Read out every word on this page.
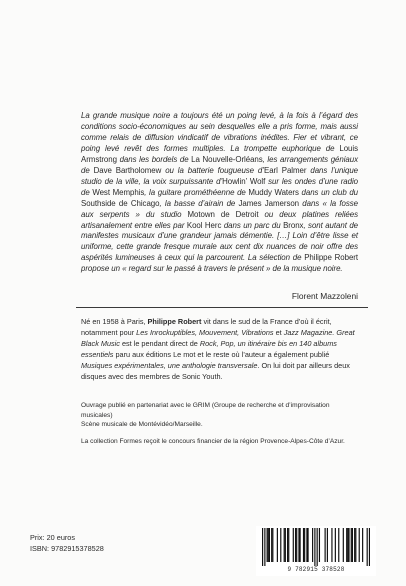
La grande musique noire a toujours été un poing levé, à la fois à l’égard des conditions socio-économiques au sein desquelles elle a pris forme, mais aussi comme relais de diffusion vindicatif de vibrations inédites. Fier et vibrant, ce poing levé revêt des formes multiples. La trompette euphorique de Louis Armstrong dans les bordels de La Nouvelle-Orléans, les arrangements géniaux de Dave Bartholomew ou la batterie fougueuse d’Earl Palmer dans l’unique studio de la ville, la voix surpuissante d’Howlin’ Wolf sur les ondes d’une radio de West Memphis, la guitare prométhéenne de Muddy Waters dans un club du Southside de Chicago, la basse d’airain de James Jamerson dans « la fosse aux serpents » du studio Motown de Detroit ou deux platines reliées artisanalement entre elles par Kool Herc dans un parc du Bronx, sont autant de manifestes musicaux d’une grandeur jamais démentie. […] Loin d’être lisse et uniforme, cette grande fresque murale aux cent dix nuances de noir offre des aspérités lumineuses à ceux qui la parcourent. La sélection de Philippe Robert propose un « regard sur le passé à travers le présent » de la musique noire.

Florent Mazzoleni

Né en 1958 à Paris, Philippe Robert vit dans le sud de la France d’où il écrit, notamment pour Les Inrockuptibles, Mouvement, Vibrations et Jazz Magazine. Great Black Music est le pendant direct de Rock, Pop, un itinéraire bis en 140 albums essentiels paru aux éditions Le mot et le reste où l’auteur a également publié Musiques expérimentales, une anthologie transversale. On lui doit par ailleurs deux disques avec des membres de Sonic Youth.

Ouvrage publié en partenariat avec le GRIM (Groupe de recherche et d’improvisation musicales)
Scène musicale de Montévidéo/Marseille.

La collection Formes reçoit le concours financier de la région Provence-Alpes-Côte d’Azur.

Prix: 20 euros
ISBN: 9782915378528
9 782915 378528
